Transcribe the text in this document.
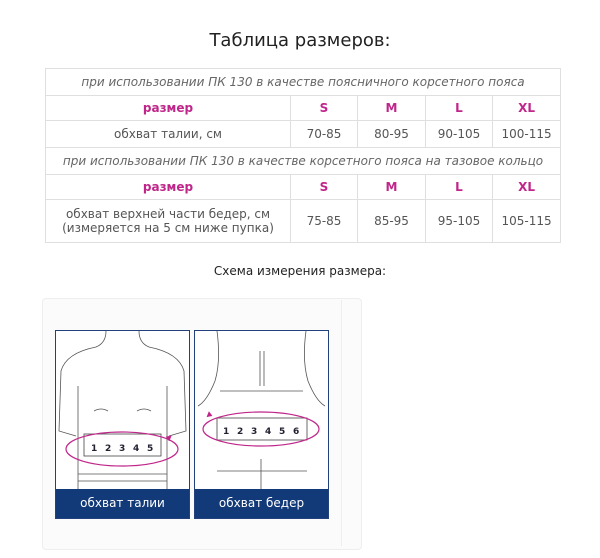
Таблица размеров:
при использовании ПК 130 в качестве поясничного корсетного пояса				
размер	S	M	L	XL
обхват талии, см	70-85	80-95	90-105	100-115
при использовании ПК 130 в качестве корсетного пояса на тазовое кольцо				
размер	S	M	L	XL
обхват верхней части бедер, см
(измеряется на 5 см ниже пупка)	75-85	85-95	95-105	105-115
Схема измерения размера:
1 2 3 4 5
обхват талии
1 2 3 4 5 6
обхват бедер
